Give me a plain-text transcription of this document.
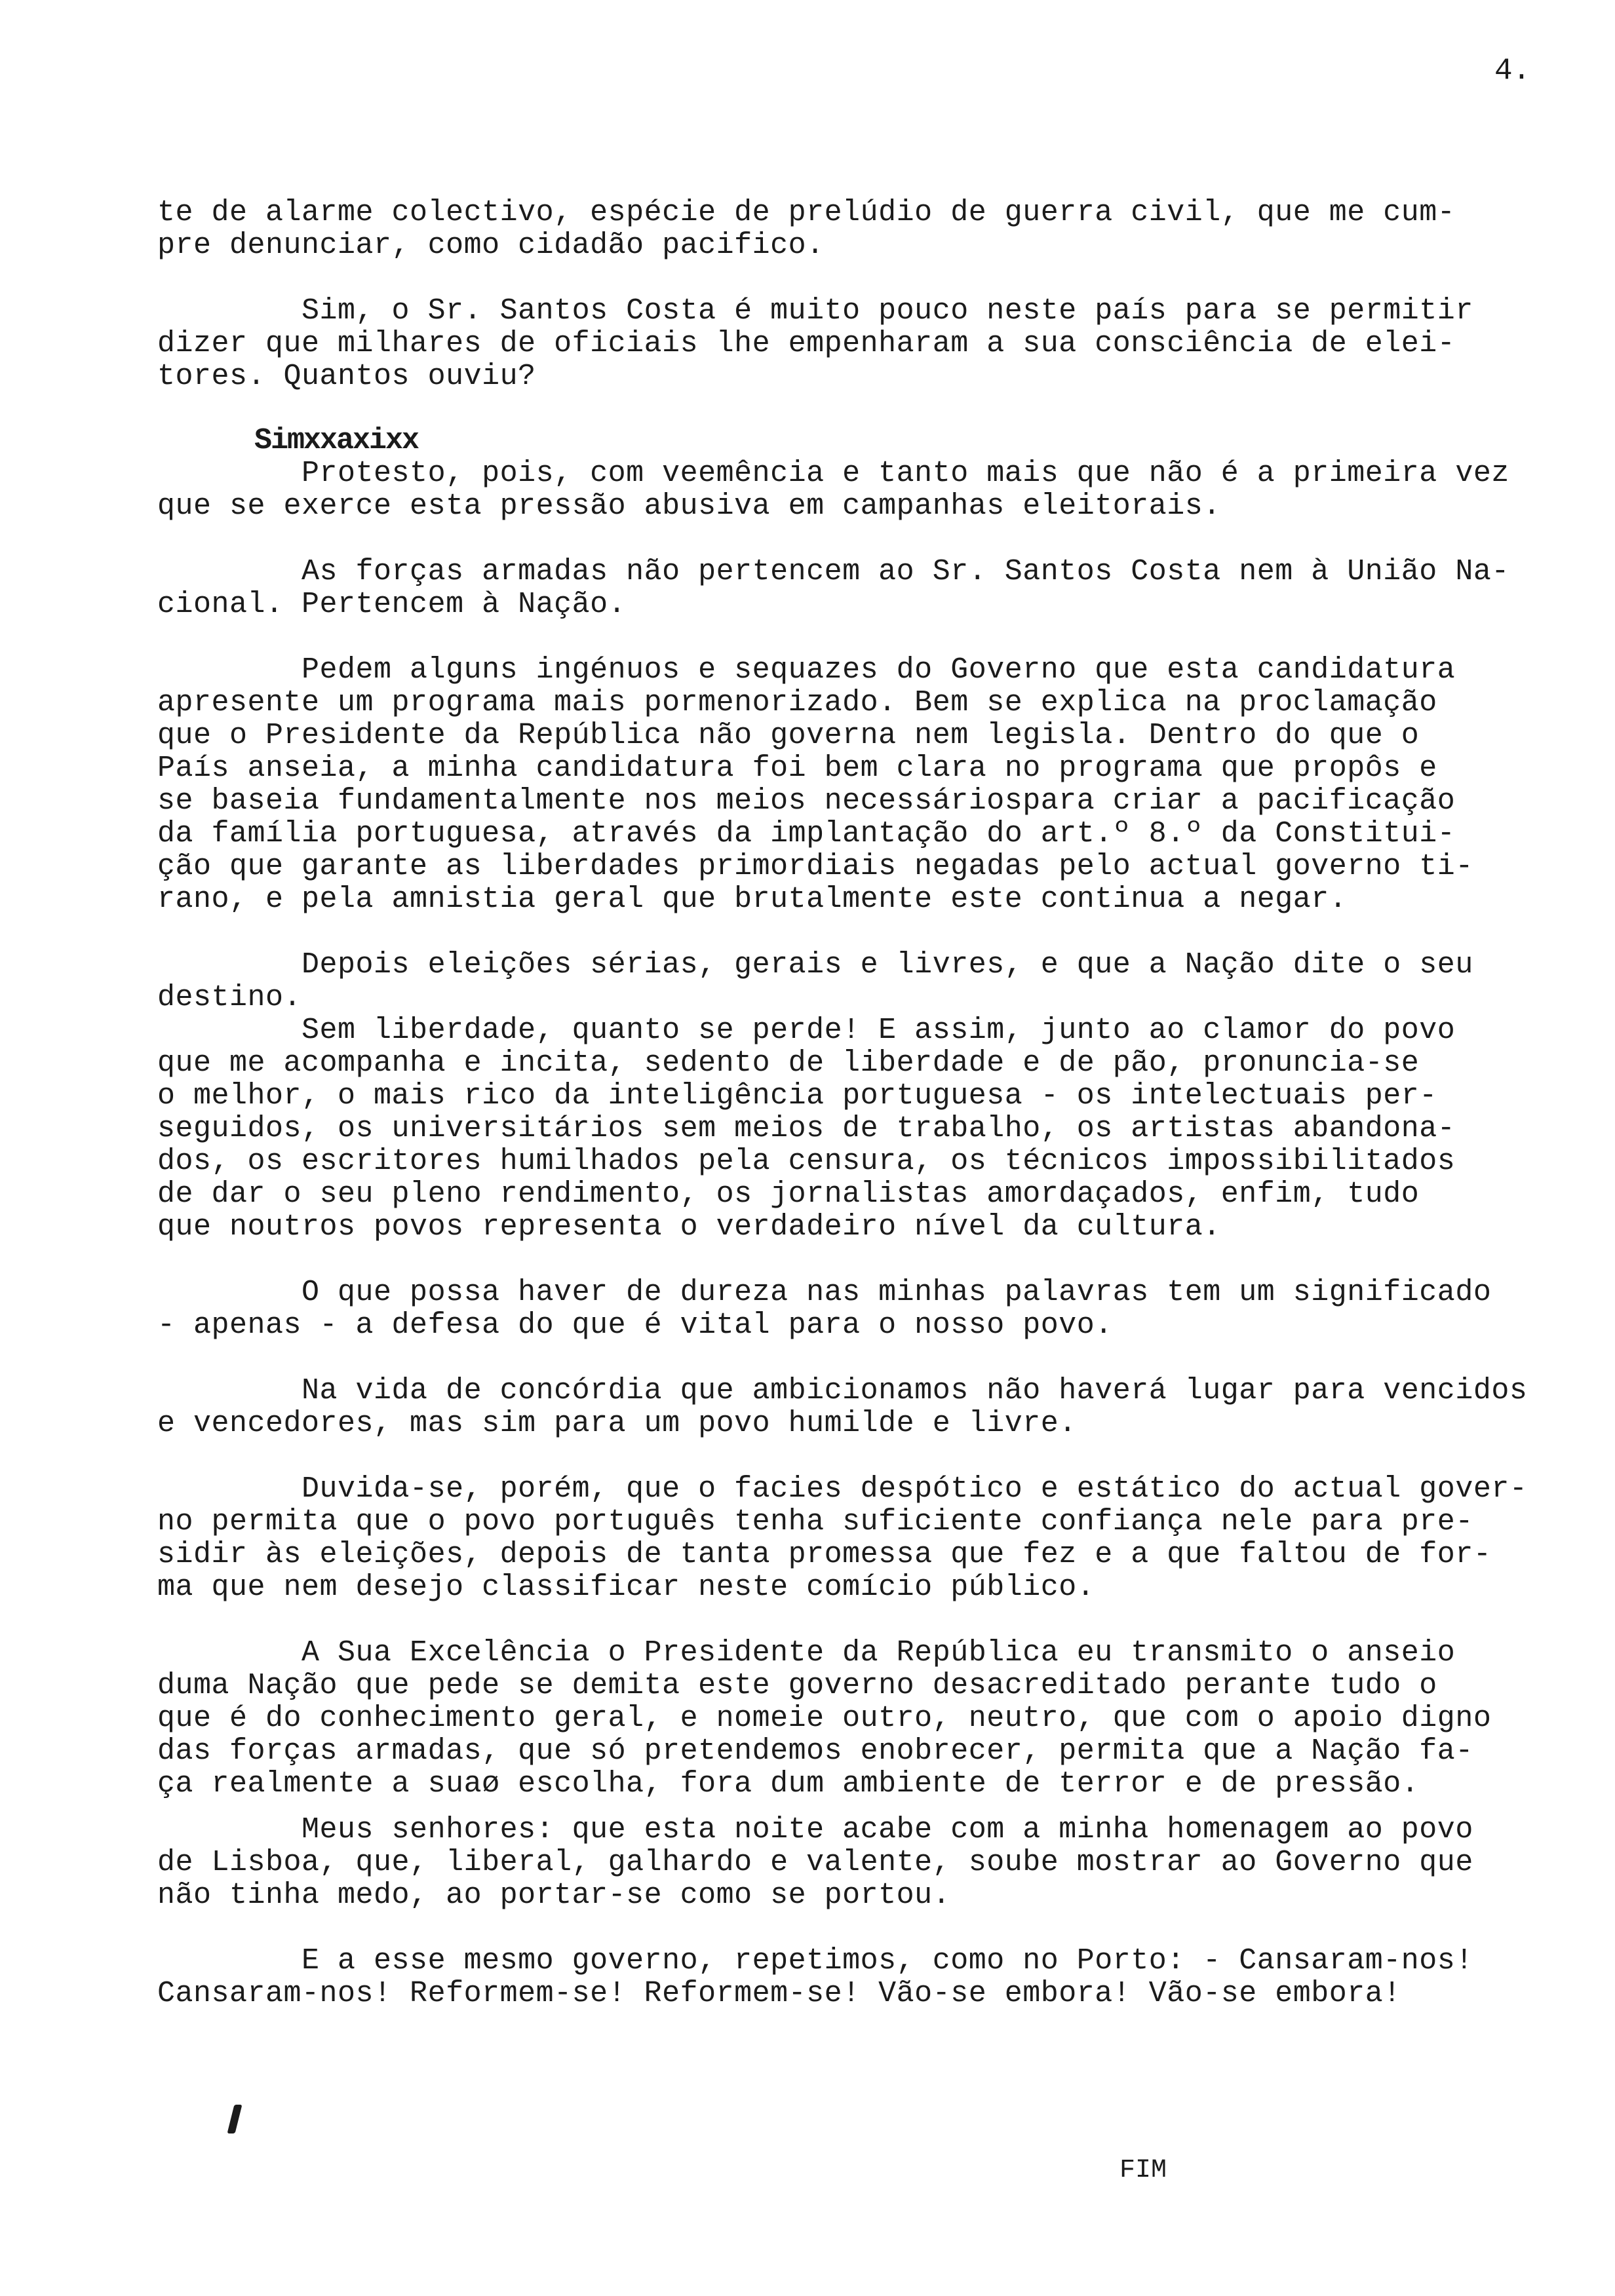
4.
te de alarme colectivo, espécie de prelúdio de guerra civil, que me cum-
pre denunciar, como cidadão pacifico.
Sim, o Sr. Santos Costa é muito pouco neste país para se permitir
dizer que milhares de oficiais lhe empenharam a sua consciência de elei-
tores. Quantos ouviu?
Simxxaxixx
Protesto, pois, com veemência e tanto mais que não é a primeira vez
que se exerce esta pressão abusiva em campanhas eleitorais.
As forças armadas não pertencem ao Sr. Santos Costa nem à União Na-
cional. Pertencem à Nação.
Pedem alguns ingénuos e sequazes do Governo que esta candidatura
apresente um programa mais pormenorizado. Bem se explica na proclamação
que o Presidente da República não governa nem legisla. Dentro do que o
País anseia, a minha candidatura foi bem clara no programa que propôs e
se baseia fundamentalmente nos meios necessáriospara criar a pacificação
da família portuguesa, através da implantação do art.º 8.º da Constitui-
ção que garante as liberdades primordiais negadas pelo actual governo ti-
rano, e pela amnistia geral que brutalmente este continua a negar.
Depois eleições sérias, gerais e livres, e que a Nação dite o seu
destino.
Sem liberdade, quanto se perde! E assim, junto ao clamor do povo
que me acompanha e incita, sedento de liberdade e de pão, pronuncia-se
o melhor, o mais rico da inteligência portuguesa - os intelectuais per-
seguidos, os universitários sem meios de trabalho, os artistas abandona-
dos, os escritores humilhados pela censura, os técnicos impossibilitados
de dar o seu pleno rendimento, os jornalistas amordaçados, enfim, tudo
que noutros povos representa o verdadeiro nível da cultura.
O que possa haver de dureza nas minhas palavras tem um significado
- apenas - a defesa do que é vital para o nosso povo.
Na vida de concórdia que ambicionamos não haverá lugar para vencidos
e vencedores, mas sim para um povo humilde e livre.
Duvida-se, porém, que o facies despótico e estático do actual gover-
no permita que o povo português tenha suficiente confiança nele para pre-
sidir às eleições, depois de tanta promessa que fez e a que faltou de for-
ma que nem desejo classificar neste comício público.
A Sua Excelência o Presidente da República eu transmito o anseio
duma Nação que pede se demita este governo desacreditado perante tudo o
que é do conhecimento geral, e nomeie outro, neutro, que com o apoio digno
das forças armadas, que só pretendemos enobrecer, permita que a Nação fa-
ça realmente a suaø escolha, fora dum ambiente de terror e de pressão.
Meus senhores: que esta noite acabe com a minha homenagem ao povo
de Lisboa, que, liberal, galhardo e valente, soube mostrar ao Governo que
não tinha medo, ao portar-se como se portou.
E a esse mesmo governo, repetimos, como no Porto: - Cansaram-nos!
Cansaram-nos! Reformem-se! Reformem-se! Vão-se embora! Vão-se embora!
FIM
